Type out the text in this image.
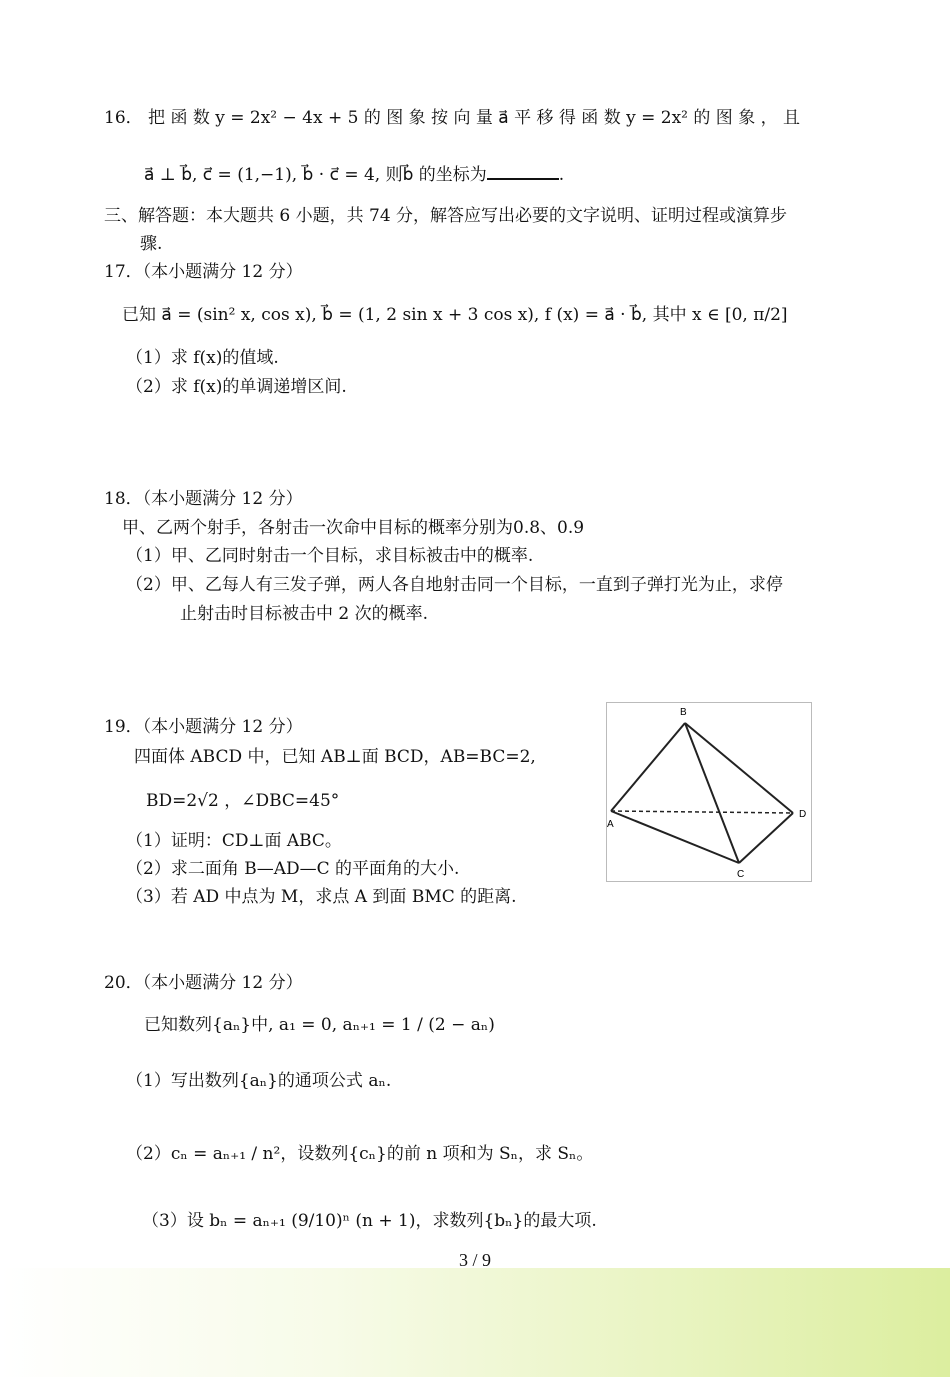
16． 把 函 数 y = 2x² − 4x + 5 的 图 象 按 向 量 a⃗ 平 移 得 函 数 y = 2x² 的 图 象 ， 且
a⃗ ⊥ b⃗, c⃗ = (1,−1), b⃗ · c⃗ = 4, 则b⃗ 的坐标为	.
三、解答题：本大题共 6 小题，共 74 分，解答应写出必要的文字说明、证明过程或演算步
骤.
17．（本小题满分 12 分）
已知 a⃗ = (sin² x, cos x), b⃗ = (1, 2 sin x + 3 cos x), f (x) = a⃗ · b⃗, 其中 x ∈ [0, π/2]
（1）求 f(x)的值域.
（2）求 f(x)的单调递增区间.
18．（本小题满分 12 分）
甲、乙两个射手，各射击一次命中目标的概率分别为0.8、0.9
（1）甲、乙同时射击一个目标，求目标被击中的概率.
（2）甲、乙每人有三发子弹，两人各自地射击同一个目标，一直到子弹打光为止，求停
止射击时目标被击中 2 次的概率.
19．（本小题满分 12 分）
四面体 ABCD 中，已知 AB⊥面 BCD，AB=BC=2,
BD=2√2 ，∠DBC=45°
（1）证明：CD⊥面 ABC。
（2）求二面角 B—AD—C 的平面角的大小.
（3）若 AD 中点为 M，求点 A 到面 BMC 的距离.
B
A
C
D
20．（本小题满分 12 分）
已知数列{aₙ}中, a₁ = 0, aₙ₊₁ = 1 / (2 − aₙ)
（1）写出数列{aₙ}的通项公式 aₙ.
（2）cₙ = aₙ₊₁ / n²，设数列{cₙ}的前 n 项和为 Sₙ，求 Sₙ。
（3）设 bₙ = aₙ₊₁ (9/10)ⁿ (n + 1)，求数列{bₙ}的最大项.
3 / 9
